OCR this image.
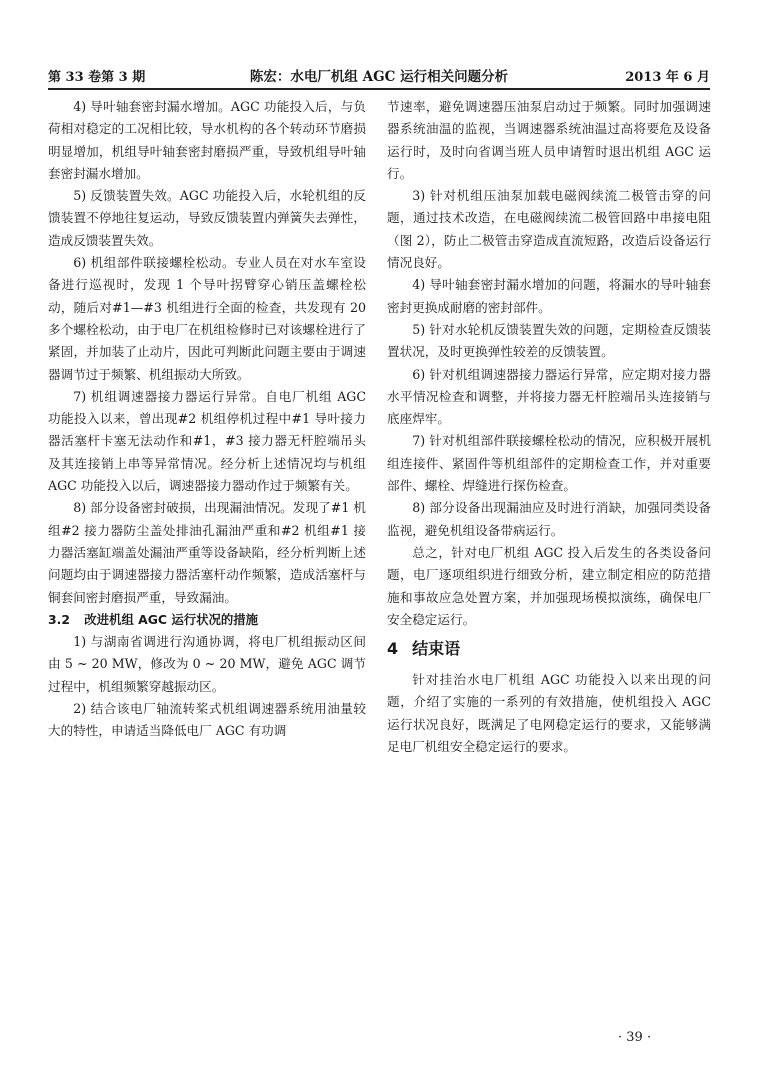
第 33 卷第 3 期	陈宏：水电厂机组 AGC 运行相关问题分析	2013 年 6 月

4) 导叶轴套密封漏水增加。AGC 功能投入后，与负荷相对稳定的工况相比较，导水机构的各个转动环节磨损明显增加，机组导叶轴套密封磨损严重，导致机组导叶轴套密封漏水增加。

5) 反馈装置失效。AGC 功能投入后，水轮机组的反馈装置不停地往复运动，导致反馈装置内弹簧失去弹性，造成反馈装置失效。

6) 机组部件联接螺栓松动。专业人员在对水车室设备进行巡视时，发现 1 个导叶拐臂穿心销压盖螺栓松动，随后对#1—#3 机组进行全面的检查，共发现有 20 多个螺栓松动，由于电厂在机组检修时已对该螺栓进行了紧固，并加装了止动片，因此可判断此问题主要由于调速器调节过于频繁、机组振动大所致。

7) 机组调速器接力器运行异常。自电厂机组 AGC 功能投入以来，曾出现#2 机组停机过程中#1 导叶接力器活塞杆卡塞无法动作和#1，#3 接力器无杆腔端吊头及其连接销上串等异常情况。经分析上述情况均与机组 AGC 功能投入以后，调速器接力器动作过于频繁有关。

8) 部分设备密封破损，出现漏油情况。发现了#1 机组#2 接力器防尘盖处排油孔漏油严重和#2 机组#1 接力器活塞缸端盖处漏油严重等设备缺陷，经分析判断上述问题均由于调速器接力器活塞杆动作频繁，造成活塞杆与铜套间密封磨损严重，导致漏油。

3.2 改进机组 AGC 运行状况的措施

1) 与湖南省调进行沟通协调，将电厂机组振动区间由 5 ~ 20 MW，修改为 0 ~ 20 MW，避免 AGC 调节过程中，机组频繁穿越振动区。

2) 结合该电厂轴流转桨式机组调速器系统用油量较大的特性，申请适当降低电厂 AGC 有功调

节速率，避免调速器压油泵启动过于频繁。同时加强调速器系统油温的监视，当调速器系统油温过高将要危及设备运行时，及时向省调当班人员申请暂时退出机组 AGC 运行。

3) 针对机组压油泵加载电磁阀续流二极管击穿的问题，通过技术改造，在电磁阀续流二极管回路中串接电阻（图 2），防止二极管击穿造成直流短路，改造后设备运行情况良好。

4) 导叶轴套密封漏水增加的问题，将漏水的导叶轴套密封更换成耐磨的密封部件。

5) 针对水轮机反馈装置失效的问题，定期检查反馈装置状况，及时更换弹性较差的反馈装置。

6) 针对机组调速器接力器运行异常，应定期对接力器水平情况检查和调整，并将接力器无杆腔端吊头连接销与底座焊牢。

7) 针对机组部件联接螺栓松动的情况，应积极开展机组连接件、紧固件等机组部件的定期检查工作，并对重要部件、螺栓、焊缝进行探伤检查。

8) 部分设备出现漏油应及时进行消缺，加强同类设备监视，避免机组设备带病运行。

总之，针对电厂机组 AGC 投入后发生的各类设备问题，电厂逐项组织进行细致分析，建立制定相应的防范措施和事故应急处置方案，并加强现场模拟演练，确保电厂安全稳定运行。

4 结束语

针对挂治水电厂机组 AGC 功能投入以来出现的问题，介绍了实施的一系列的有效措施，使机组投入 AGC 运行状况良好，既满足了电网稳定运行的要求，又能够满足电厂机组安全稳定运行的要求。

· 39 ·
